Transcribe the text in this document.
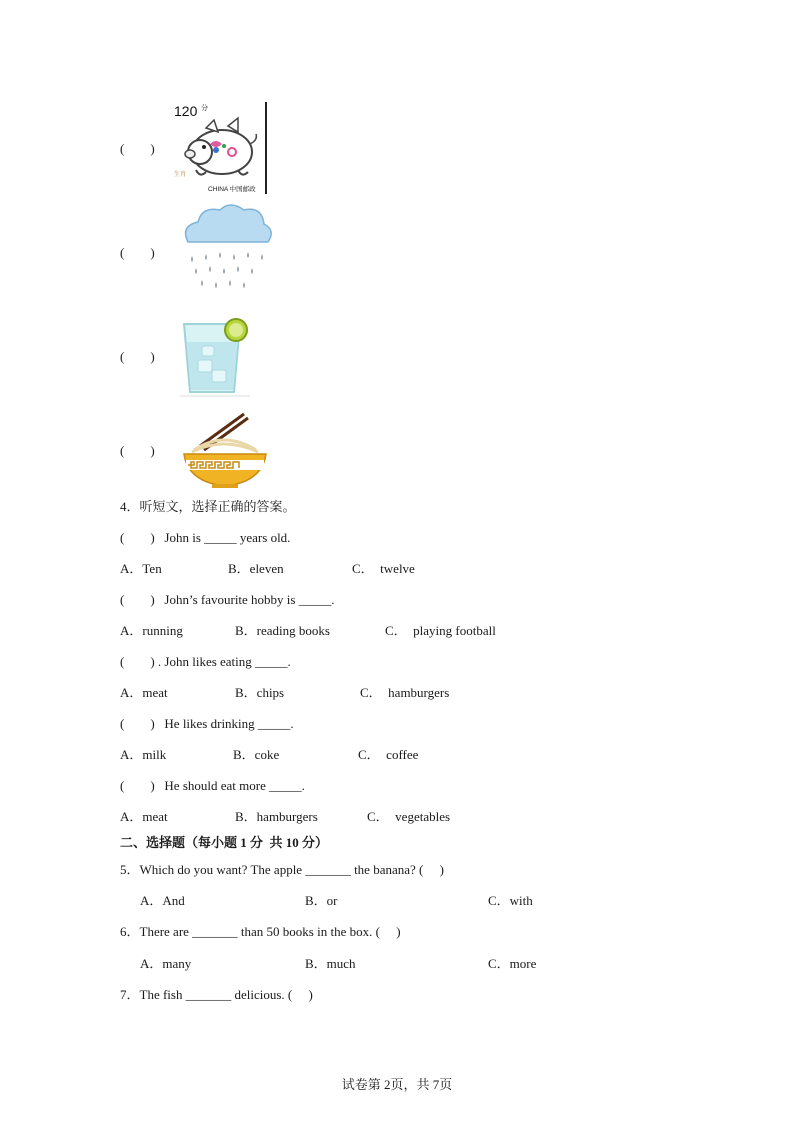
(        )
120 分
生肖
CHINA 中国邮政
(        )
(        )
(        )
4．听短文，选择正确的答案。
(        )   John is _____ years old.
A．Ten	B．eleven	C．  twelve
(        )   John’s favourite hobby is _____.
A．running	B．reading books	C．  playing football
(        ) . John likes eating _____.
A．meat	B．chips	C．  hamburgers
(        )   He likes drinking _____.
A．milk	B．coke	C．  coffee
(        )   He should eat more _____.
A．meat	B．hamburgers	C．  vegetables
二、选择题（每小题 1 分  共 10 分）
5．Which do you want? The apple _______ the banana? (     )
A．And	B．or	C．with
6．There are _______ than 50 books in the box. (     )
A．many	B．much	C．more
7．The fish _______ delicious. (     )
试卷第 2页，共 7页
